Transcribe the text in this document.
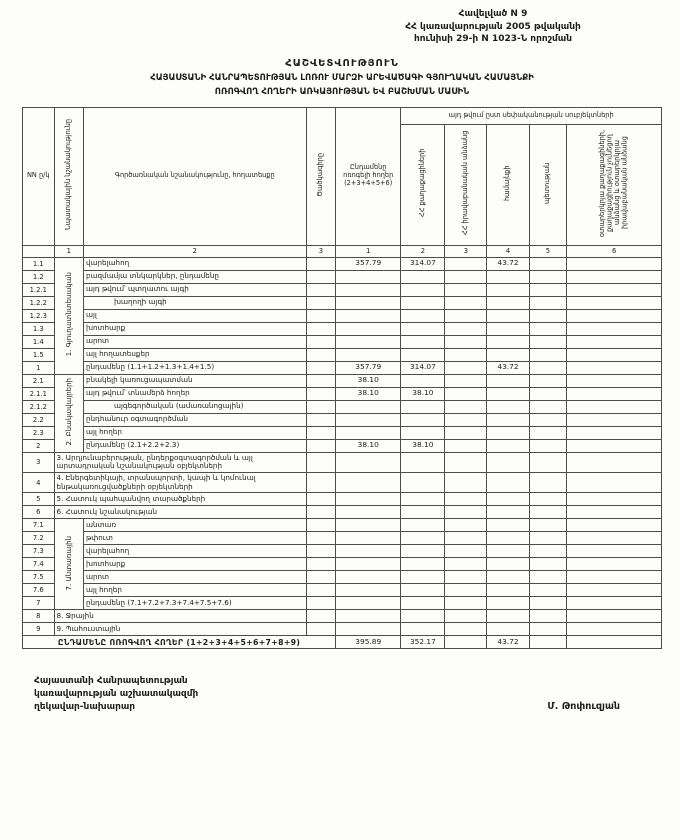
Հավելված N 9
ՀՀ կառավարության 2005 թվականի
հունիսի 29-ի N 1023-Ն որոշման
ՀԱՇՎԵՏՎՈՒԹՅՈՒՆ
ՀԱՅԱՍՏԱՆԻ ՀԱՆՐԱՊԵՏՈՒԹՅԱՆ ԼՈՌՈՒ ՄԱՐԶԻ ԱՐԵՎԱԾԱԳԻ ԳՅՈՒՂԱԿԱՆ ՀԱՄԱՅՆՔԻ
ՈՌՈԳՎՈՂ ՀՈՂԵՐԻ ԱՌԿԱՅՈՒԹՅԱՆ ԵՎ ԲԱՇԽՄԱՆ ՄԱՍԻՆ
NN ը/կ	Նպատակային նշանակությունը	Գործառնական նշանակությունը, հողատեսքը	Ծածկագիրը	Ընդամենը ոռոգելի հողեր (2+3+4+5+6)	այդ թվում ըստ սեփականության սուբյեկտների				
					ՀՀ քաղաքացիների	ՀՀ իրավաբանական անձանց	համայնքի	պետության	օտարերկրյա քաղաքացիների, քաղաքացիություն չունեցող անձանց և օտարերկրյա իրավաբանական անձանց
	1	2	3	1	2	3	4	5	6
1.1	1. Գյուղատնտեսական	վարելահող		357.79	314.07		43.72		
1.2		բազմամյա տնկարկներ, ընդամենը							
1.2.1		այդ թվում՝ պտղատու այգի							
1.2.2		խաղողի այգի							
1.2.3		այլ							
1.3		խոտհարք							
1.4		արոտ							
1.5		այլ հողատեսքեր							
1		ընդամենը (1.1+1.2+1.3+1.4+1.5)		357.79	314.07		43.72		
2.1	2. Բնակավայրերի	բնակելի կառուցապատման		38.10					
2.1.1		այդ թվում՝ տնամերձ հողեր		38.10	38.10				
2.1.2		այգեգործական (ամառանոցային)							
2.2		ընդհանուր օգտագործման							
2.3		այլ հողեր							
2		ընդամենը (2.1+2.2+2.3)		38.10	38.10				
3	3. Արդյունաբերության, ընդերքօգտագործման և այլ արտադրական նշանակության օբյեկտների								
4	4. Էներգետիկայի, տրանսպորտի, կապի և կոմունալ ենթակառուցվածքների օբյեկտների								
5	5. Հատուկ պահպանվող տարածքների								
6	6. Հատուկ նշանակության								
7.1	7. Անտառային	անտառ							
7.2		թփուտ							
7.3		վարելահող							
7.4		խոտհարք							
7.5		արոտ							
7.6		այլ հողեր							
7		ընդամենը (7.1+7.2+7.3+7.4+7.5+7.6)							
8	8. Ջրային								
9	9. Պահուստային								
ԸՆԴԱՄԵՆԸ ՈՌՈԳՎՈՂ ՀՈՂԵՐ (1+2+3+4+5+6+7+8+9)				395.89	352.17		43.72		
Հայաստանի Հանրապետության
կառավարության աշխատակազմի
ղեկավար-նախարար	Մ. Թոփուզյան
